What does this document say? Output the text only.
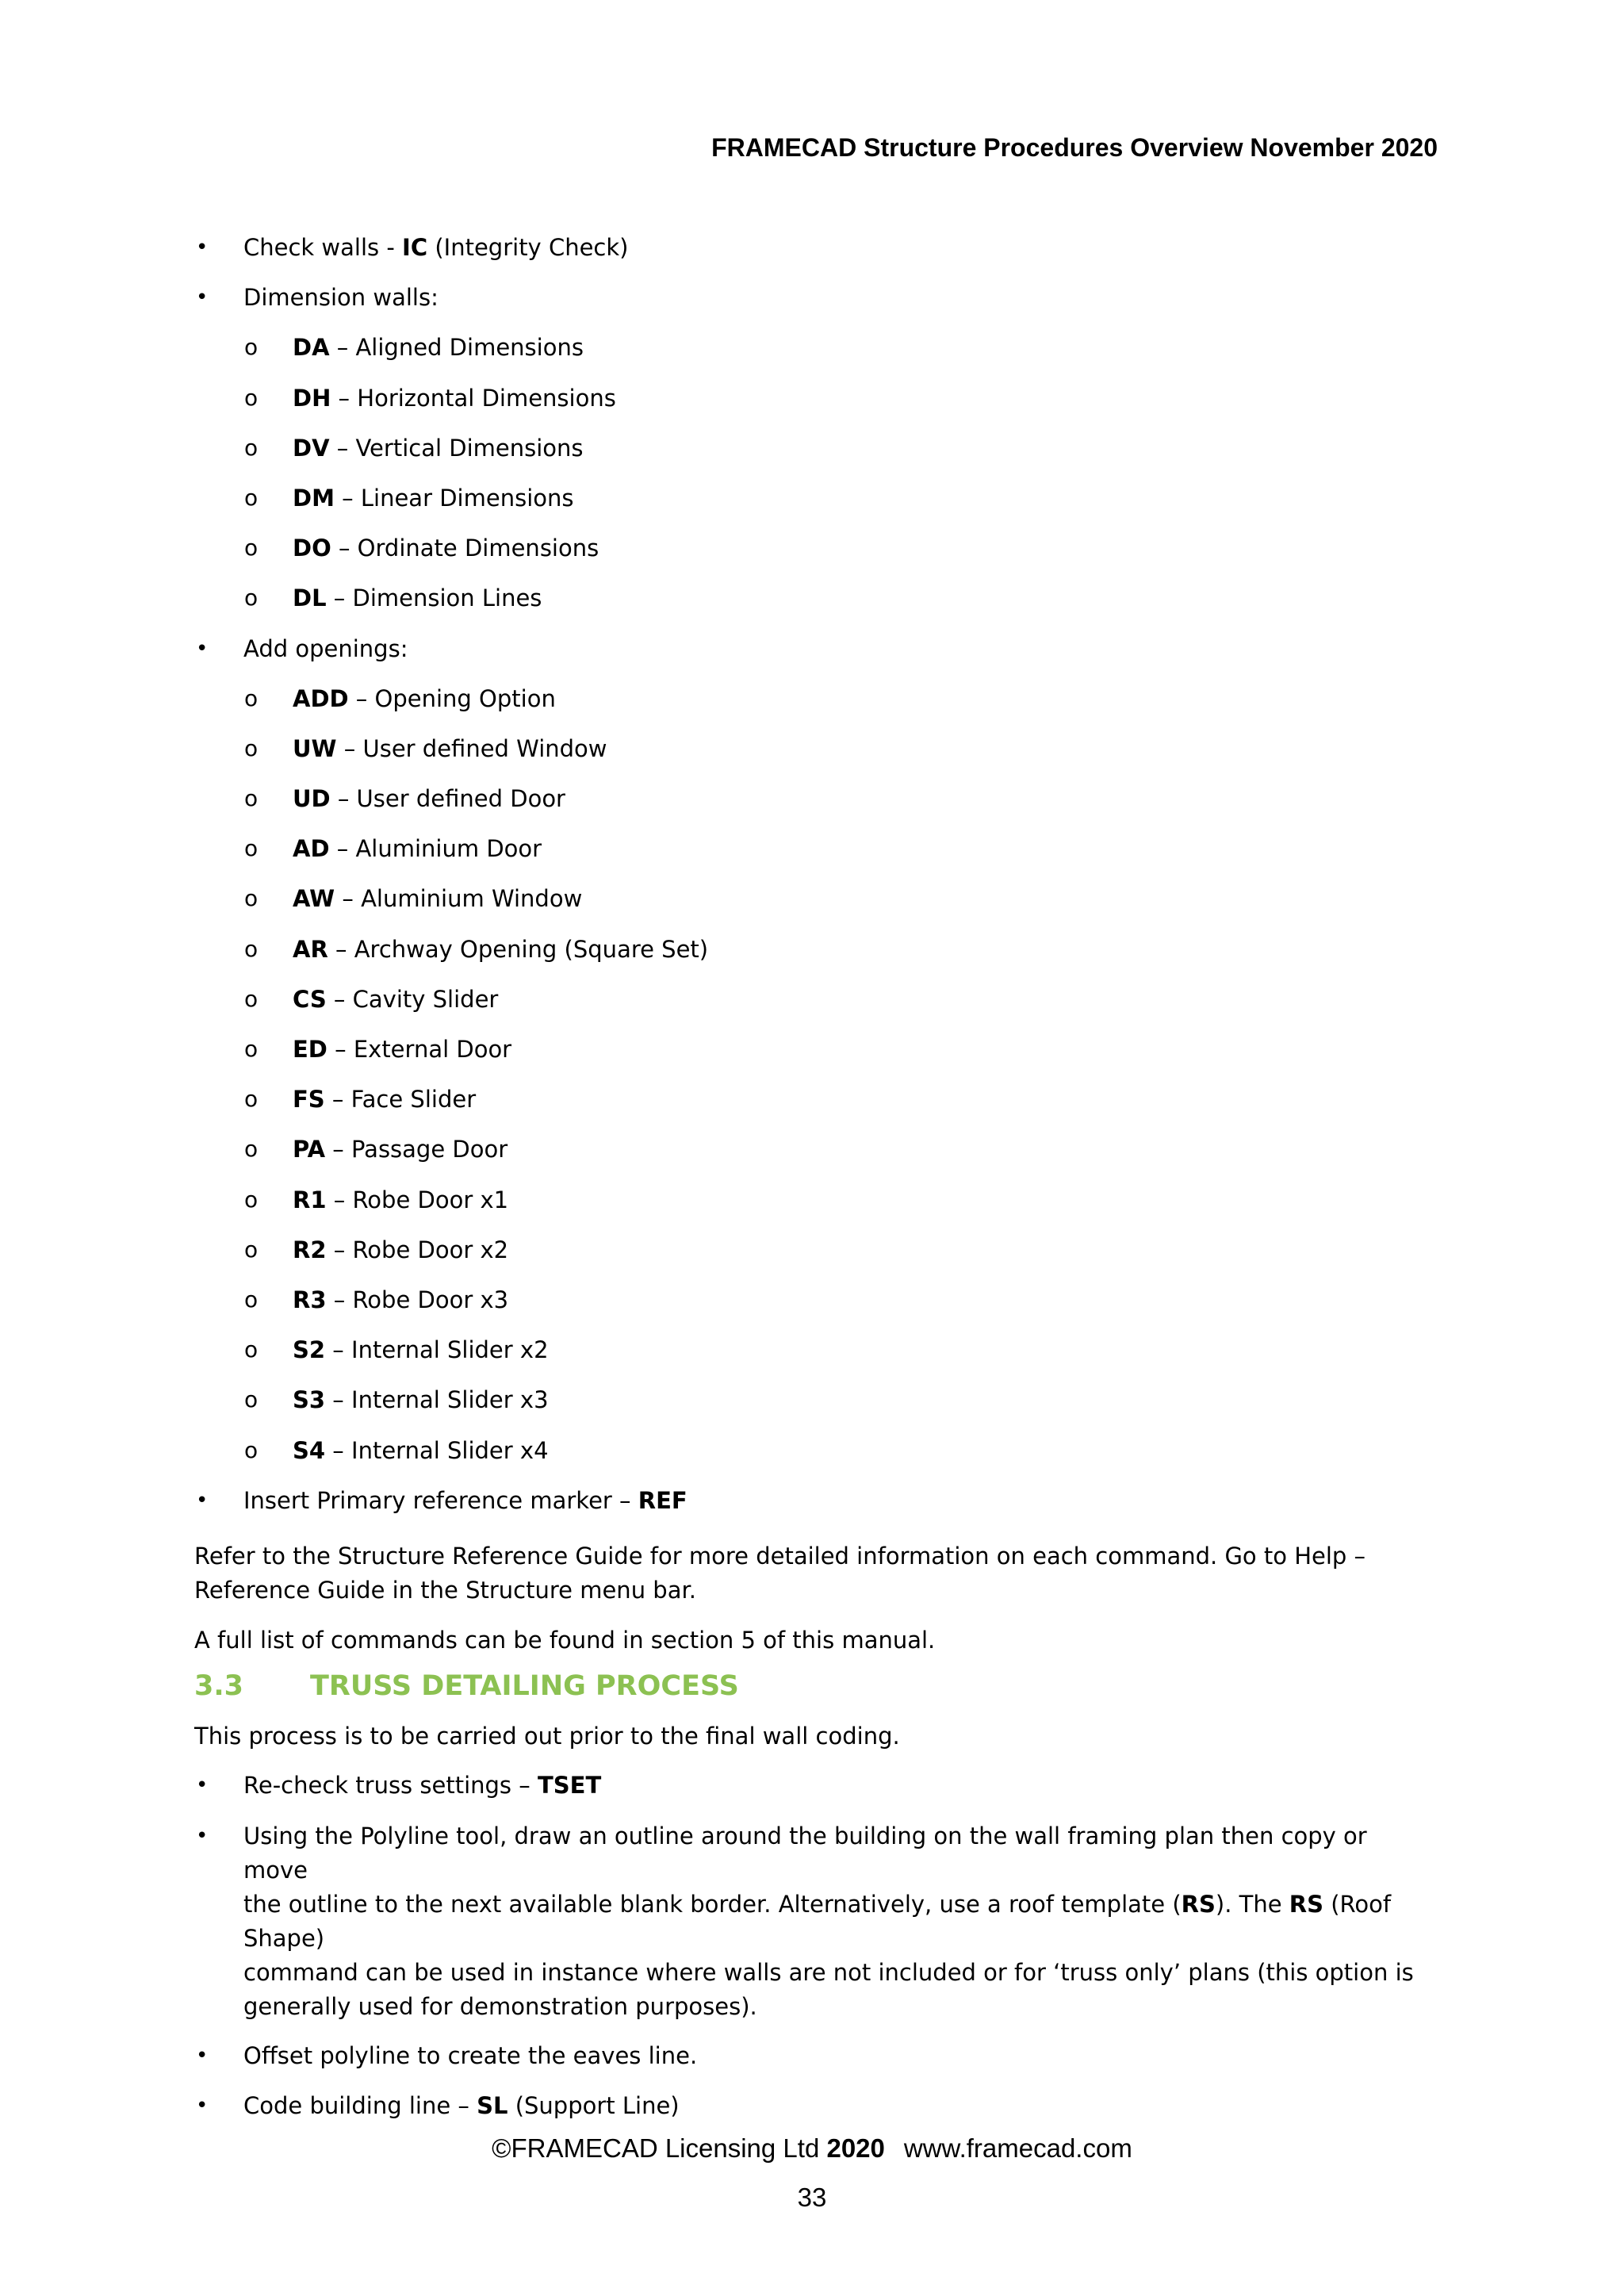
FRAMECAD Structure Procedures Overview November 2020
• Check walls - IC (Integrity Check)
• Dimension walls:
o DA – Aligned Dimensions
o DH – Horizontal Dimensions
o DV – Vertical Dimensions
o DM – Linear Dimensions
o DO – Ordinate Dimensions
o DL – Dimension Lines
• Add openings:
o ADD – Opening Option
o UW – User defined Window
o UD – User defined Door
o AD – Aluminium Door
o AW – Aluminium Window
o AR – Archway Opening (Square Set)
o CS – Cavity Slider
o ED – External Door
o FS – Face Slider
o PA – Passage Door
o R1 – Robe Door x1
o R2 – Robe Door x2
o R3 – Robe Door x3
o S2 – Internal Slider x2
o S3 – Internal Slider x3
o S4 – Internal Slider x4
• Insert Primary reference marker – REF

Refer to the Structure Reference Guide for more detailed information on each command. Go to Help –
Reference Guide in the Structure menu bar.

A full list of commands can be found in section 5 of this manual.

3.3 TRUSS DETAILING PROCESS

This process is to be carried out prior to the final wall coding.

• Re-check truss settings – TSET
• Using the Polyline tool, draw an outline around the building on the wall framing plan then copy or move
the outline to the next available blank border. Alternatively, use a roof template (RS). The RS (Roof Shape)
command can be used in instance where walls are not included or for ‘truss only’ plans (this option is
generally used for demonstration purposes).
• Offset polyline to create the eaves line.
• Code building line – SL (Support Line)
©FRAMECAD Licensing Ltd 2020 www.framecad.com
33
